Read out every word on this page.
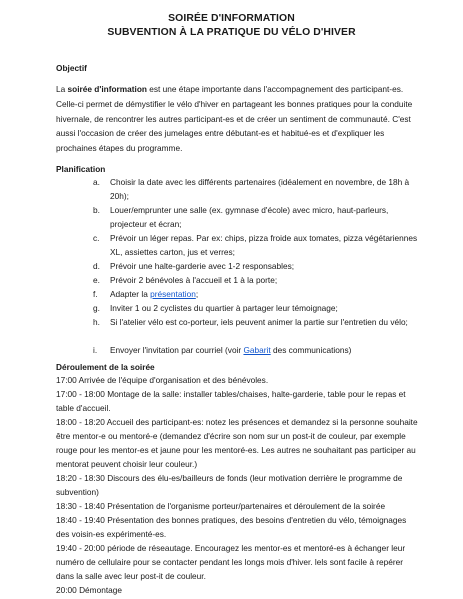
SOIRÉE D'INFORMATION
SUBVENTION À LA PRATIQUE DU VÉLO D'HIVER
Objectif
La soirée d'information est une étape importante dans l'accompagnement des participant-es. Celle-ci permet de démystifier le vélo d'hiver en partageant les bonnes pratiques pour la conduite hivernale, de rencontrer les autres participant-es et de créer un sentiment de communauté. C'est aussi l'occasion de créer des jumelages entre débutant-es et habitué-es et d'expliquer les prochaines étapes du programme.
Planification
a.	Choisir la date avec les différents partenaires (idéalement en novembre, de 18h à 20h);
b.	Louer/emprunter une salle (ex. gymnase d'école) avec micro, haut-parleurs, projecteur et écran;
c.	Prévoir un léger repas. Par ex: chips, pizza froide aux tomates, pizza végétariennes XL, assiettes carton, jus et verres;
d.	Prévoir une halte-garderie avec 1-2 responsables;
e.	Prévoir 2 bénévoles à l'accueil et 1 à la porte;
f.	Adapter la présentation;
g.	Inviter 1 ou 2 cyclistes du quartier à partager leur témoignage;
h.	Si l'atelier vélo est co-porteur, iels peuvent animer la partie sur l'entretien du vélo;
i.	Envoyer l'invitation par courriel (voir Gabarit des communications)
Déroulement de la soirée
17:00 Arrivée de l'équipe d'organisation et des bénévoles.
17:00 - 18:00 Montage de la salle: installer tables/chaises, halte-garderie, table pour le repas et table d'accueil.
18:00 - 18:20 Accueil des participant-es: notez les présences et demandez si la personne souhaite être mentor-e ou mentoré-e (demandez d'écrire son nom sur un post-it de couleur, par exemple rouge pour les mentor-es et jaune pour les mentoré-es. Les autres ne souhaitant pas participer au mentorat peuvent choisir leur couleur.)
18:20 - 18:30 Discours des élu-es/bailleurs de fonds (leur motivation derrière le programme de subvention)
18:30 - 18:40 Présentation de l'organisme porteur/partenaires et déroulement de la soirée
18:40 - 19:40 Présentation des bonnes pratiques, des besoins d'entretien du vélo, témoignages des voisin-es expérimenté-es.
19:40 - 20:00 période de réseautage. Encouragez les mentor-es et mentoré-es à échanger leur numéro de cellulaire pour se contacter pendant les longs mois d'hiver. lels sont facile à repérer dans la salle avec leur post-it de couleur.
20:00 Démontage
